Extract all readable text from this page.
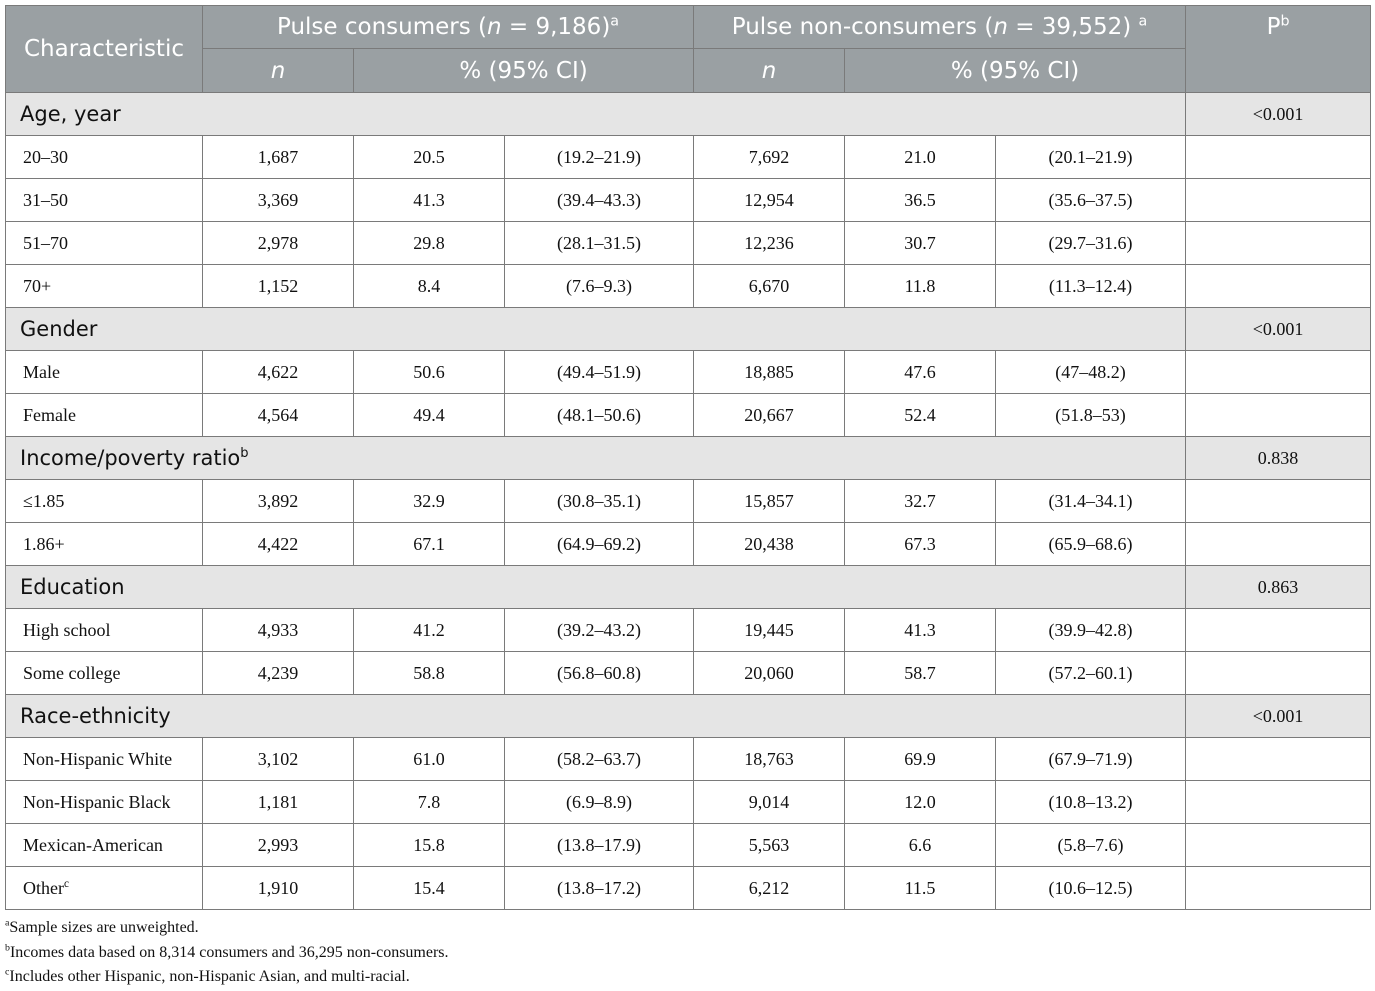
Characteristic	Pulse consumers (n = 9,186)$^a$			Pulse non-consumers (n = 39,552) $^a$			$P^b$
	n	% (95% CI)		n	% (95% CI)		
Age, year							<0.001
20–30	1,687	20.5	(19.2–21.9)	7,692	21.0	(20.1–21.9)	
31–50	3,369	41.3	(39.4–43.3)	12,954	36.5	(35.6–37.5)	
51–70	2,978	29.8	(28.1–31.5)	12,236	30.7	(29.7–31.6)	
70+	1,152	8.4	(7.6–9.3)	6,670	11.8	(11.3–12.4)	
Gender							<0.001
Male	4,622	50.6	(49.4–51.9)	18,885	47.6	(47–48.2)	
Female	4,564	49.4	(48.1–50.6)	20,667	52.4	(51.8–53)	
Income/poverty ratio$^b$							0.838
≤1.85	3,892	32.9	(30.8–35.1)	15,857	32.7	(31.4–34.1)	
1.86+	4,422	67.1	(64.9–69.2)	20,438	67.3	(65.9–68.6)	
Education							0.863
High school	4,933	41.2	(39.2–43.2)	19,445	41.3	(39.9–42.8)	
Some college	4,239	58.8	(56.8–60.8)	20,060	58.7	(57.2–60.1)	
Race-ethnicity							<0.001
Non-Hispanic White	3,102	61.0	(58.2–63.7)	18,763	69.9	(67.9–71.9)	
Non-Hispanic Black	1,181	7.8	(6.9–8.9)	9,014	12.0	(10.8–13.2)	
Mexican-American	2,993	15.8	(13.8–17.9)	5,563	6.6	(5.8–7.6)	
Other$^c$	1,910	15.4	(13.8–17.2)	6,212	11.5	(10.6–12.5)	
$^a$Sample sizes are unweighted.
$^b$Incomes data based on 8,314 consumers and 36,295 non-consumers.
$^c$Includes other Hispanic, non-Hispanic Asian, and multi-racial.
